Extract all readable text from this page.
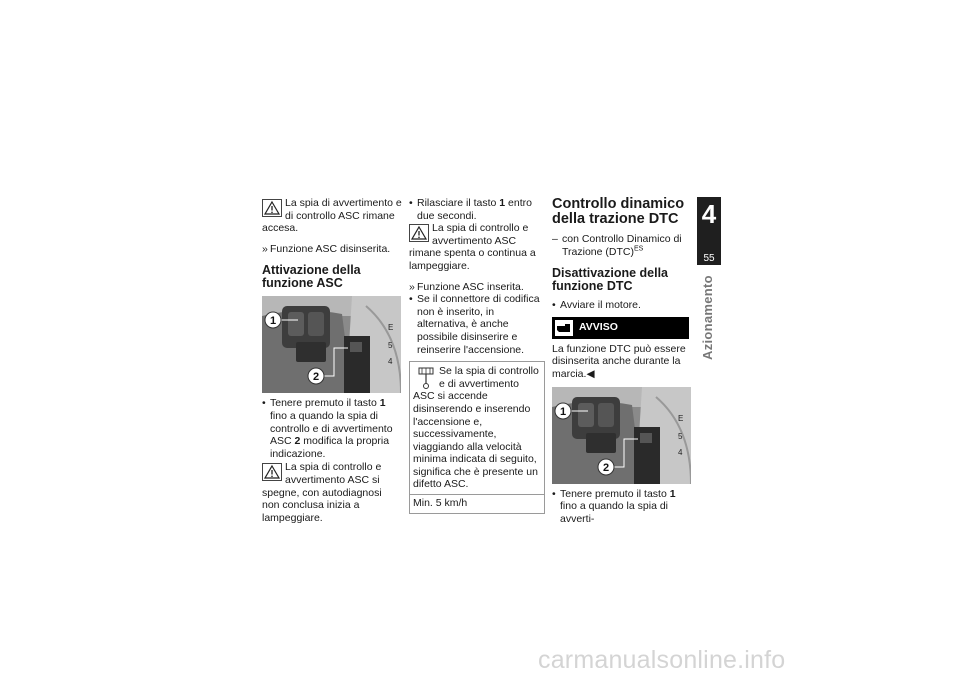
La spia di avvertimento e di controllo ASC rimane accesa.

» Funzione ASC disinserita.

Attivazione della funzione ASC
E
5
4
1
2

• Tenere premuto il tasto 1 fino a quando la spia di controllo e di avvertimento ASC 2 modifica la propria indicazione.

La spia di controllo e avvertimento ASC si spegne, con autodiagnosi non conclusa inizia a lampeggiare.

• Rilasciare il tasto 1 entro due secondi.

La spia di controllo e avvertimento ASC rimane spenta o continua a lampeggiare.

» Funzione ASC inserita.

• Se il connettore di codifica non è inserito, in alternativa, è anche possibile disinserire e reinserire l'accensione.

Se la spia di controllo e di avvertimento ASC si accende disinserendo e inserendo l'accensione e, successivamente, viaggiando alla velocità minima indicata di seguito, significa che è presente un difetto ASC.

Min. 5 km/h
Controllo dinamico della trazione DTC

– con Controllo Dinamico di Trazione (DTC)$^{ES}$

Disattivazione della funzione DTC

• Avviare il motore.

AVVISO

La funzione DTC può essere disinserita anche durante la marcia.◀

E
5
4
1
2

• Tenere premuto il tasto 1 fino a quando la spia di avverti-

4
55
Azionamento
carmanualsonline.info
